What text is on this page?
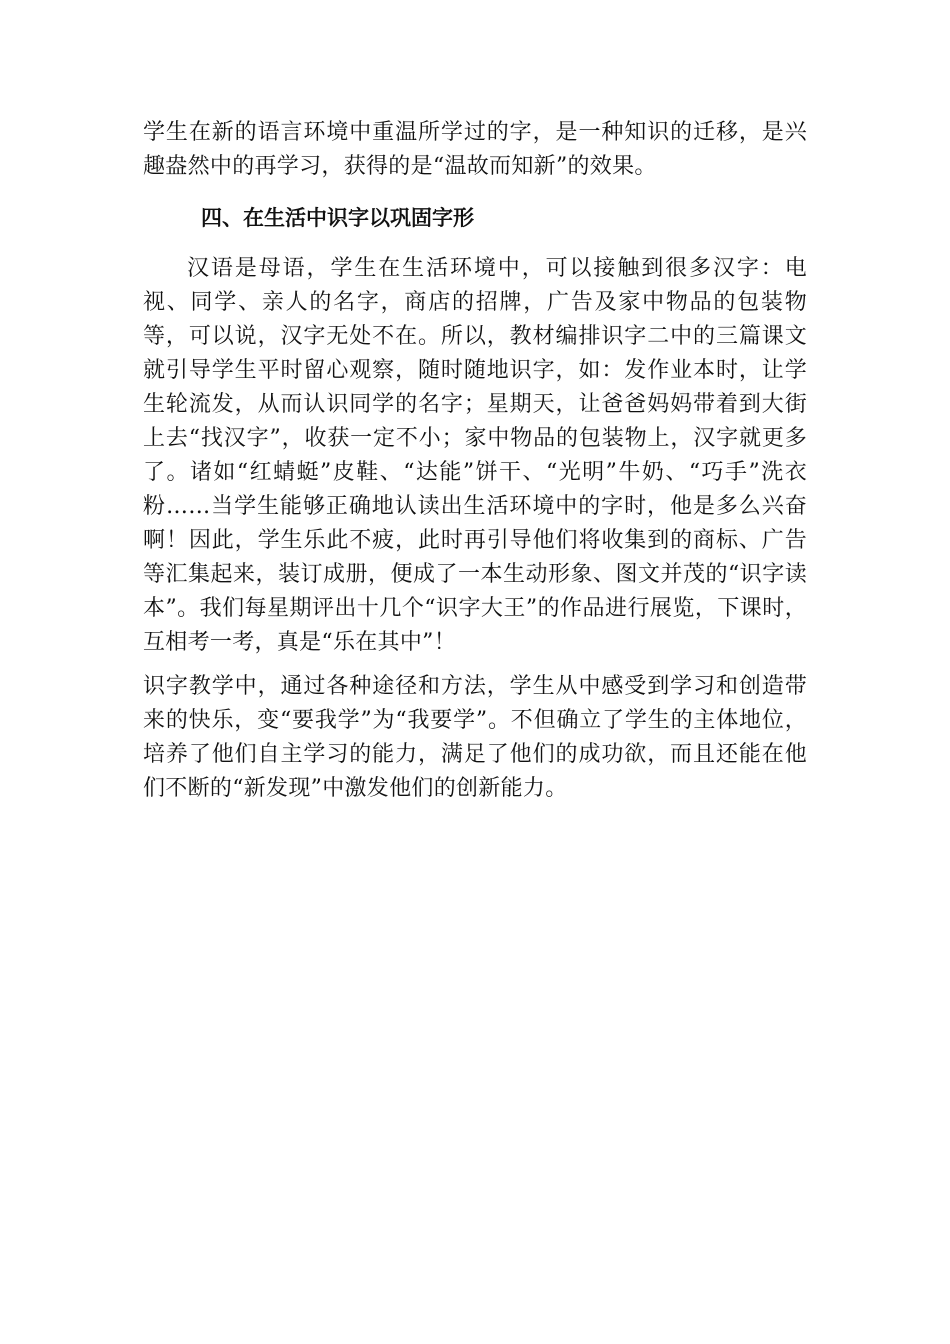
学生在新的语言环境中重温所学过的字，是一种知识的迁移，是兴趣盎然中的再学习，获得的是“温故而知新”的效果。

四、在生活中识字以巩固字形

汉语是母语，学生在生活环境中，可以接触到很多汉字：电视、同学、亲人的名字，商店的招牌，广告及家中物品的包装物等，可以说，汉字无处不在。所以，教材编排识字二中的三篇课文就引导学生平时留心观察，随时随地识字，如：发作业本时，让学生轮流发，从而认识同学的名字；星期天，让爸爸妈妈带着到大街上去“找汉字”，收获一定不小；家中物品的包装物上，汉字就更多了。诸如“红蜻蜓”皮鞋、“达能”饼干、“光明”牛奶、“巧手”洗衣粉……当学生能够正确地认读出生活环境中的字时，他是多么兴奋啊！因此，学生乐此不疲，此时再引导他们将收集到的商标、广告等汇集起来，装订成册，便成了一本生动形象、图文并茂的“识字读本”。我们每星期评出十几个“识字大王”的作品进行展览，下课时，互相考一考，真是“乐在其中”！

识字教学中，通过各种途径和方法，学生从中感受到学习和创造带来的快乐，变“要我学”为“我要学”。不但确立了学生的主体地位，培养了他们自主学习的能力，满足了他们的成功欲，而且还能在他们不断的“新发现”中激发他们的创新能力。
